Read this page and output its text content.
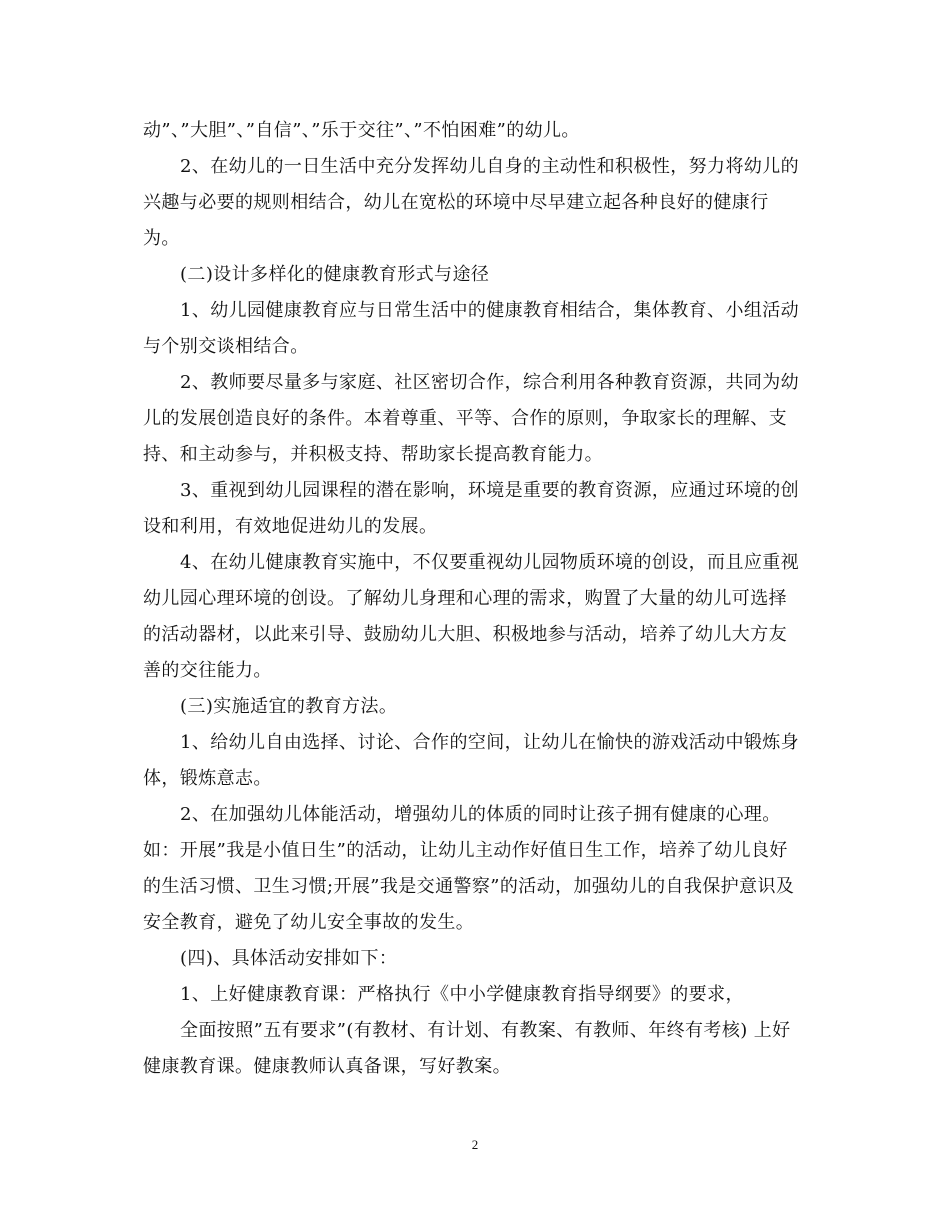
动”、”大胆”、”自信”、”乐于交往”、”不怕困难”的幼儿。
2、在幼儿的一日生活中充分发挥幼儿自身的主动性和积极性，努力将幼儿的
兴趣与必要的规则相结合，幼儿在宽松的环境中尽早建立起各种良好的健康行
为。
(二)设计多样化的健康教育形式与途径
1、幼儿园健康教育应与日常生活中的健康教育相结合，集体教育、小组活动
与个别交谈相结合。
2、教师要尽量多与家庭、社区密切合作，综合利用各种教育资源，共同为幼
儿的发展创造良好的条件。本着尊重、平等、合作的原则，争取家长的理解、支
持、和主动参与，并积极支持、帮助家长提高教育能力。
3、重视到幼儿园课程的潜在影响，环境是重要的教育资源，应通过环境的创
设和利用，有效地促进幼儿的发展。
4、在幼儿健康教育实施中，不仅要重视幼儿园物质环境的创设，而且应重视
幼儿园心理环境的创设。了解幼儿身理和心理的需求，购置了大量的幼儿可选择
的活动器材，以此来引导、鼓励幼儿大胆、积极地参与活动，培养了幼儿大方友
善的交往能力。
(三)实施适宜的教育方法。
1、给幼儿自由选择、讨论、合作的空间，让幼儿在愉快的游戏活动中锻炼身
体，锻炼意志。
2、在加强幼儿体能活动，增强幼儿的体质的同时让孩子拥有健康的心理。
如：开展”我是小值日生”的活动，让幼儿主动作好值日生工作，培养了幼儿良好
的生活习惯、卫生习惯;开展”我是交通警察”的活动，加强幼儿的自我保护意识及
安全教育，避免了幼儿安全事故的发生。
(四)、具体活动安排如下：
1、上好健康教育课：严格执行《中小学健康教育指导纲要》的要求，
全面按照”五有要求”(有教材、有计划、有教案、有教师、年终有考核) 上好
健康教育课。健康教师认真备课，写好教案。
2
